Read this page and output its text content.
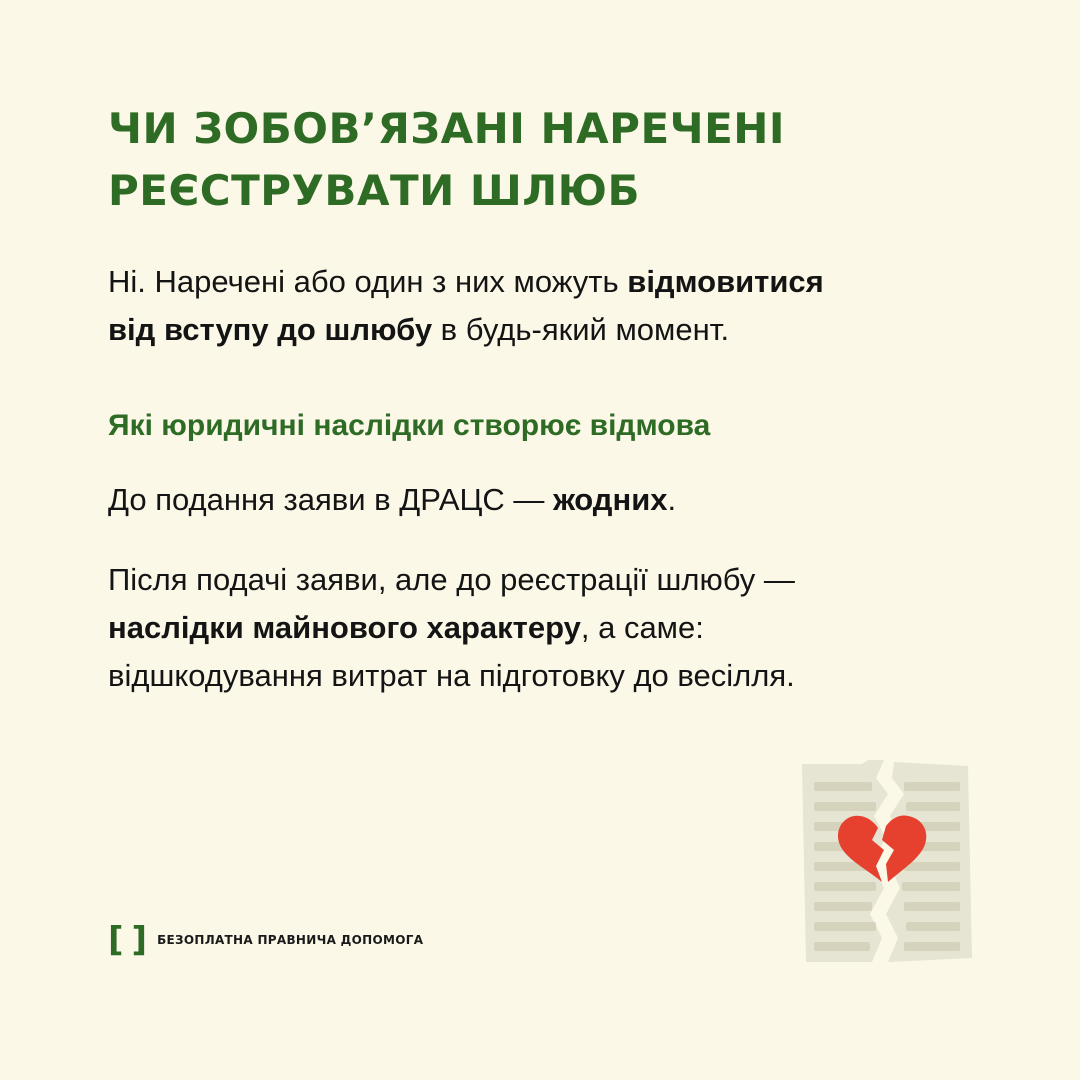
ЧИ ЗОБОВ’ЯЗАНІ НАРЕЧЕНІ
РЕЄСТРУВАТИ ШЛЮБ

Ні. Наречені або один з них можуть відмовитися
від вступу до шлюбу в будь-який момент.

Які юридичні наслідки створює відмова

До подання заяви в ДРАЦС — жодних.

Після подачі заяви, але до реєстрації шлюбу —
наслідки майнового характеру, а саме:
відшкодування витрат на підготовку до весілля.

[ ] БЕЗОПЛАТНА ПРАВНИЧА ДОПОМОГА
